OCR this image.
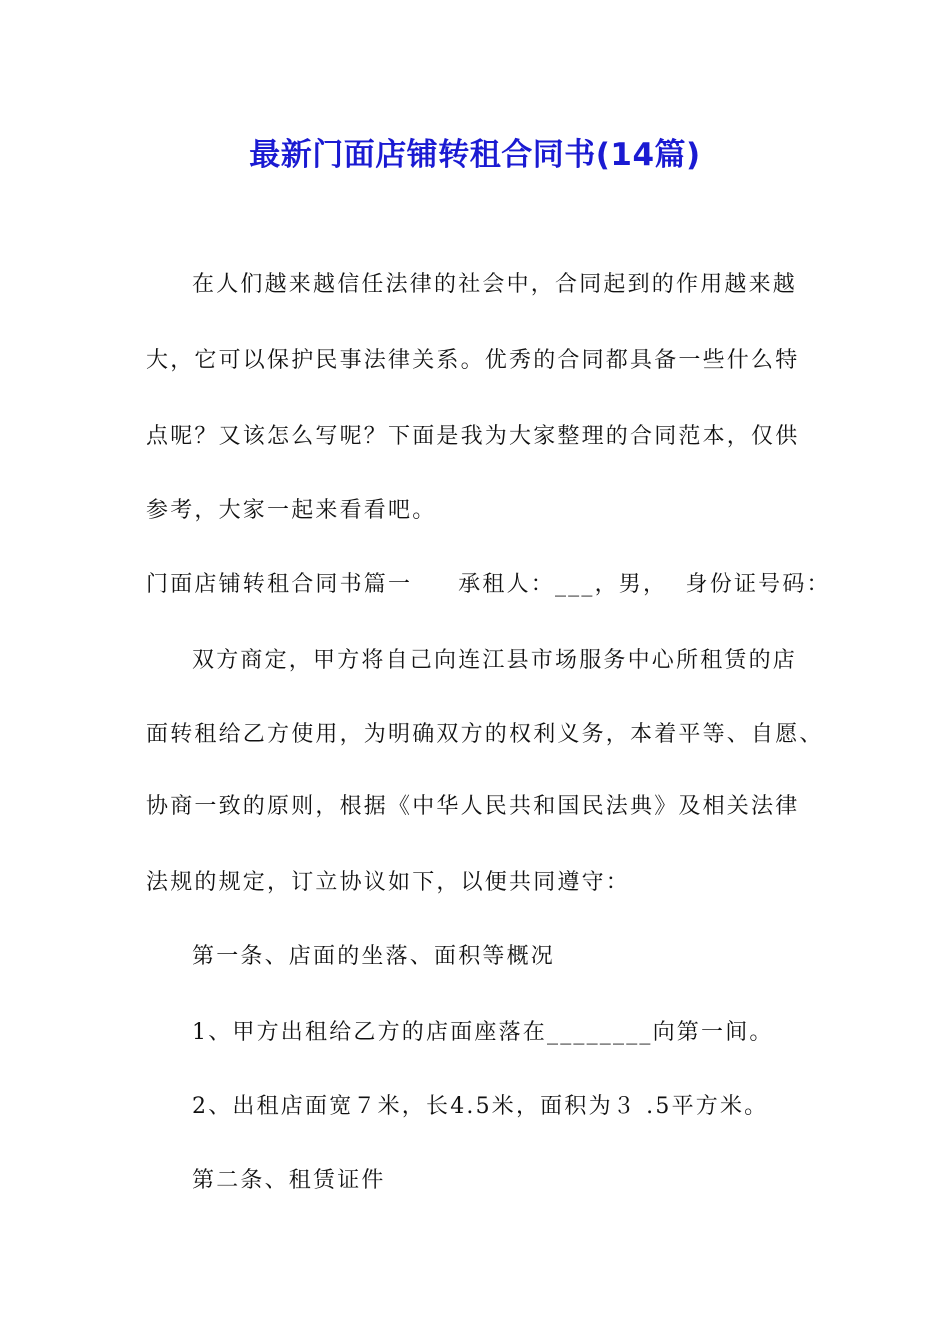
最新门面店铺转租合同书(14篇)
在人们越来越信任法律的社会中，合同起到的作用越来越
大，它可以保护民事法律关系。优秀的合同都具备一些什么特
点呢？又该怎么写呢？下面是我为大家整理的合同范本，仅供
参考，大家一起来看看吧。
门面店铺转租合同书篇一     承租人：___，男，  身份证号码：
双方商定，甲方将自己向连江县市场服务中心所租赁的店
面转租给乙方使用，为明确双方的权利义务，本着平等、自愿、
协商一致的原则，根据《中华人民共和国民法典》及相关法律
法规的规定，订立协议如下，以便共同遵守：
第一条、店面的坐落、面积等概况
1、甲方出租给乙方的店面座落在________向第一间。
2、出租店面宽７米，长4.5米，面积为３ .5平方米。
第二条、租赁证件
